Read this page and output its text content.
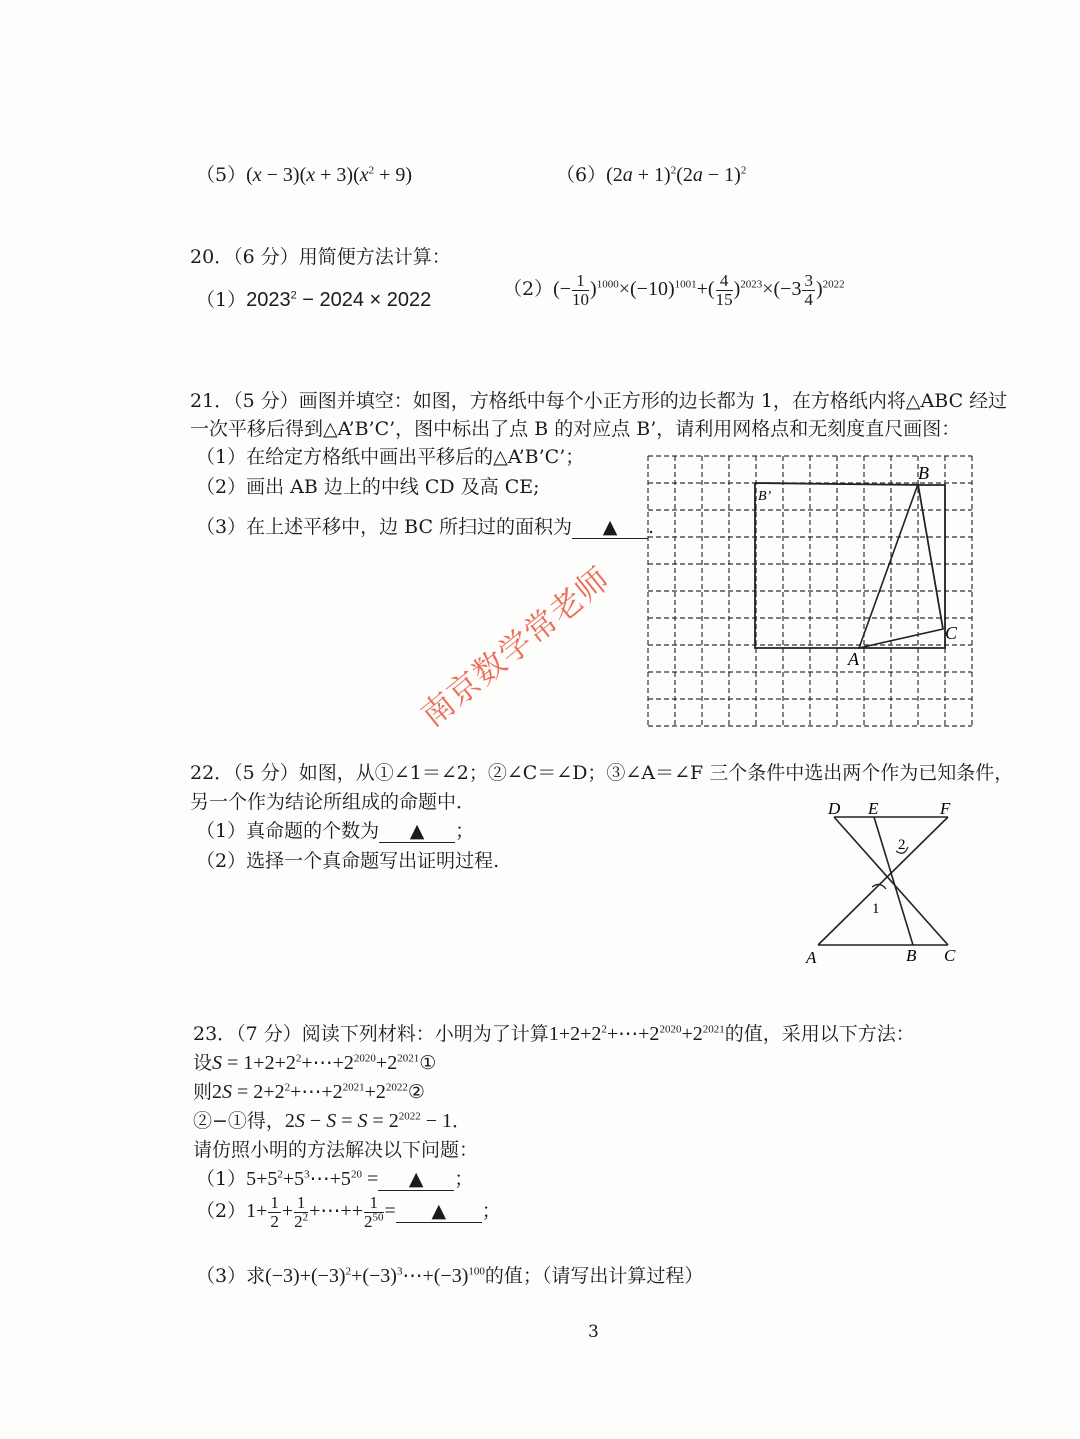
$(5)(x - 3)(x + 3)(x^2 + 9)$	$(6)(2a + 1)^2(2a - 1)^2$
20．（6 分）用简便方法计算：
$(1)2023^2 - 2024 \times 2022$
$(2)(- \frac{1}{10} )^{1000}\times(-10)^{1001}+( \frac{4}{15} )^{2023}\times(-3 \frac{3}{4} )^{2022}$
21．（5 分）画图并填空：如图，方格纸中每个小正方形的边长都为 1，在方格纸内将△ABC 经过
一次平移后得到△A’B’C’，图中标出了点 B 的对应点 B’，请利用网格点和无刻度直尺画图：
（1）在给定方格纸中画出平移后的△A’B’C’；
（2）画出 AB 边上的中线 CD 及高 CE;
（3）在上述平移中，边 BC 所扫过的面积为 ▲ .
B
C
A
B’
南京数学常老师
22．（5 分）如图，从①∠1＝∠2；②∠C＝∠D；③∠A＝∠F 三个条件中选出两个作为已知条件，
另一个作为结论所组成的命题中．
（1）真命题的个数为 ▲ ；
（2）选择一个真命题写出证明过程.
D E	F
A	B C
2
1
23．（7 分）阅读下列材料：小明为了计算$1+2+2^2+\cdots+2^{2020}+2^{2021}$的值，采用以下方法：
设$S = 1+2+2^2+\cdots+2^{2020}+2^{2021}①$
则$2S = 2+2^2+\cdots+2^{2021}+2^{2022}②$
②−①得，$2S - S = S = 2^{2022} - 1$．
请仿照小明的方法解决以下问题：
$(1)5+5^2+5^3\cdots+5^{20}$ = ▲ ；
$(2)1+ \frac{1}{2} + \frac{1}{2^2}$ +⋯++ $\frac{1}{2^{50}}$ = ▲ ；
（3）求$(-3)+(-3)^2+(-3)^3\cdots+(-3)^{100}$的值；（请写出计算过程）
3
